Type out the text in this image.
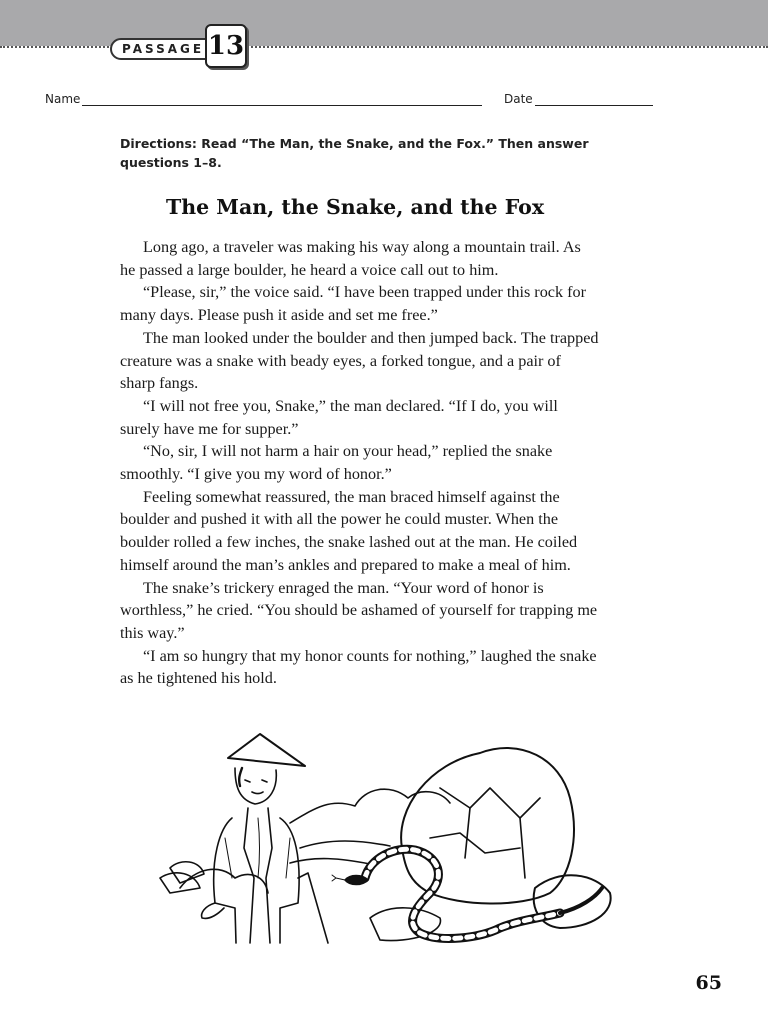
PASSAGE 13
Name	Date
Directions: Read “The Man, the Snake, and the Fox.” Then answer questions 1–8.
The Man, the Snake, and the Fox

Long ago, a traveler was making his way along a mountain trail. As he passed a large boulder, he heard a voice call out to him.

“Please, sir,” the voice said. “I have been trapped under this rock for many days. Please push it aside and set me free.”

The man looked under the boulder and then jumped back. The trapped creature was a snake with beady eyes, a forked tongue, and a pair of sharp fangs.

“I will not free you, Snake,” the man declared. “If I do, you will surely have me for supper.”

“No, sir, I will not harm a hair on your head,” replied the snake smoothly. “I give you my word of honor.”

Feeling somewhat reassured, the man braced himself against the boulder and pushed it with all the power he could muster. When the boulder rolled a few inches, the snake lashed out at the man. He coiled himself around the man’s ankles and prepared to make a meal of him.

The snake’s trickery enraged the man. “Your word of honor is worthless,” he cried. “You should be ashamed of yourself for trapping me this way.”

“I am so hungry that my honor counts for nothing,” laughed the snake as he tightened his hold.

65
